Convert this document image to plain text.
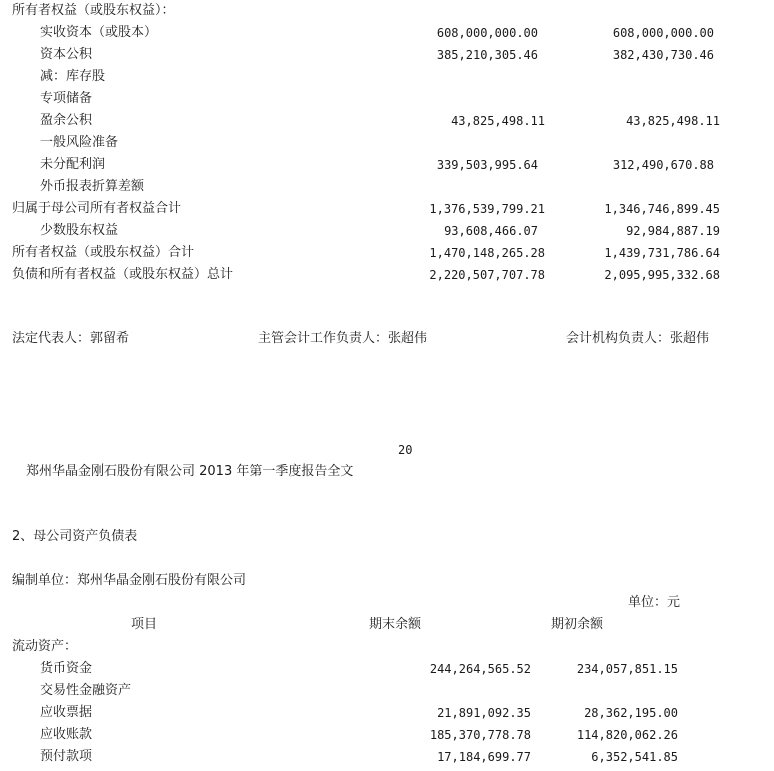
所有者权益（或股东权益）：
实收资本（或股本）	608,000,000.00	608,000,000.00
资本公积	385,210,305.46	382,430,730.46
减：库存股
专项储备
盈余公积	43,825,498.11	43,825,498.11
一般风险准备
未分配利润	339,503,995.64	312,490,670.88
外币报表折算差额
归属于母公司所有者权益合计	1,376,539,799.21	1,346,746,899.45
少数股东权益	93,608,466.07	92,984,887.19
所有者权益（或股东权益）合计	1,470,148,265.28	1,439,731,786.64
负债和所有者权益（或股东权益）总计	2,220,507,707.78	2,095,995,332.68
法定代表人：郭留希	主管会计工作负责人：张超伟	会计机构负责人：张超伟
20
郑州华晶金刚石股份有限公司 2013 年第一季度报告全文
2、母公司资产负债表
编制单位：郑州华晶金刚石股份有限公司
单位：元
项目	期末余额	期初余额
流动资产：
货币资金	244,264,565.52	234,057,851.15
交易性金融资产
应收票据	21,891,092.35	28,362,195.00
应收账款	185,370,778.78	114,820,062.26
预付款项	17,184,699.77	6,352,541.85
